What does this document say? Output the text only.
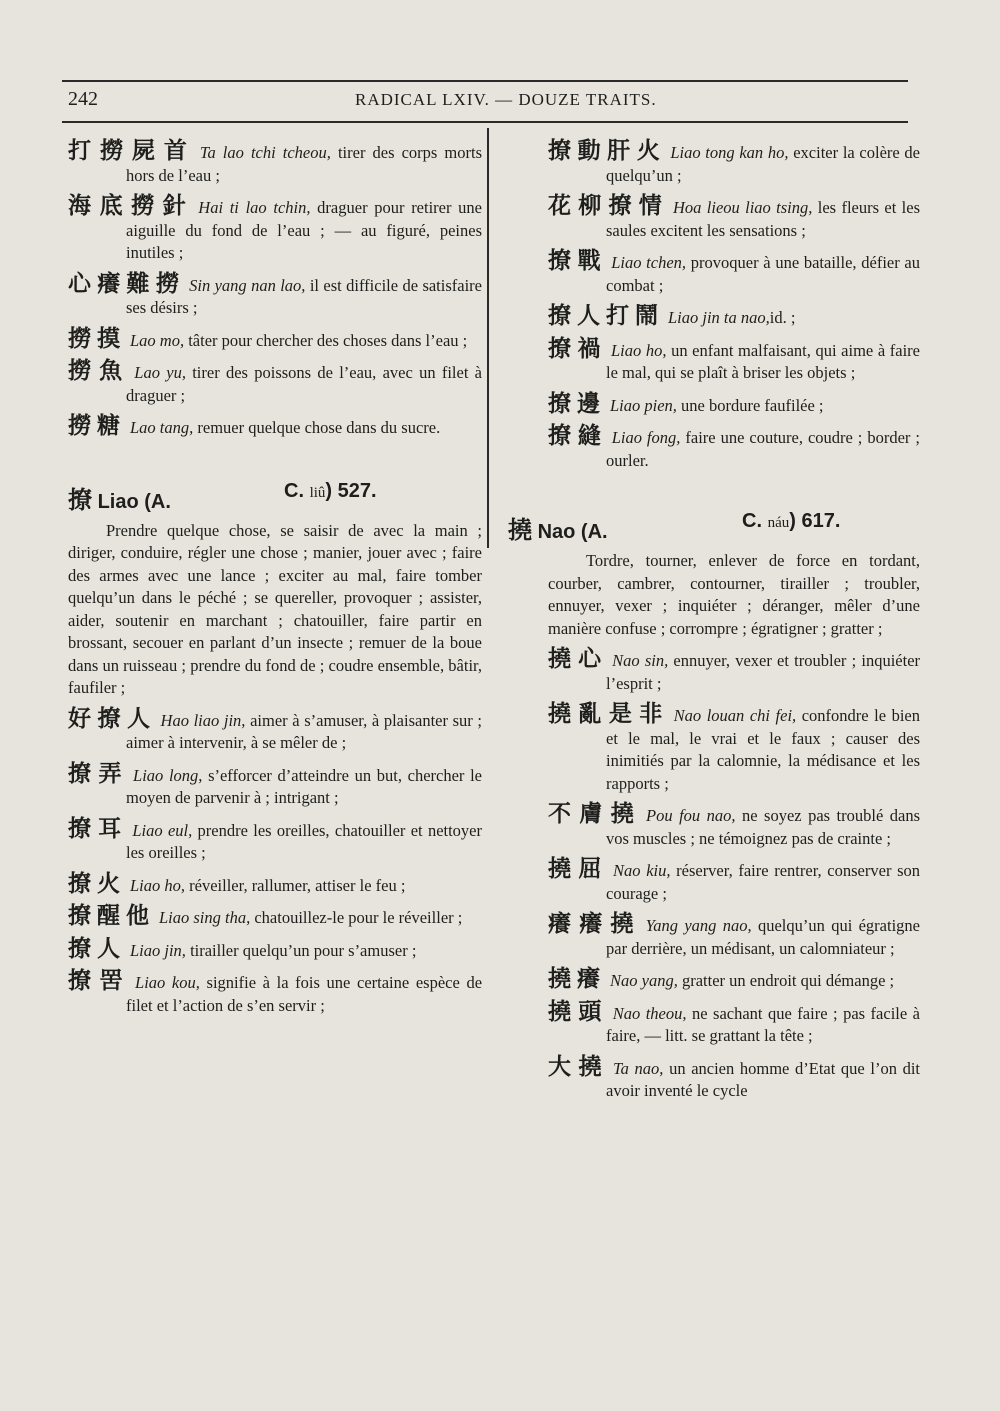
242	RADICAL LXIV. — DOUZE TRAITS.

打撈屍首 Ta lao tchi tcheou, tirer des corps morts hors de l’eau ;

海底撈針 Hai ti lao tchin, draguer pour retirer une aiguille du fond de l’eau ; — au figuré, peines inutiles ;

心癢難撈 Sin yang nan lao, il est difficile de satisfaire ses désirs ;

撈摸 Lao mo, tâter pour chercher des choses dans l’eau ;

撈魚 Lao yu, tirer des poissons de l’eau, avec un filet à draguer ;

撈糖 Lao tang, remuer quelque chose dans du sucre.

撩 Liao (A.	C. liû) 527.

Prendre quelque chose, se saisir de avec la main ; diriger, conduire, régler une chose ; manier, jouer avec ; faire des armes avec une lance ; exciter au mal, faire tomber quelqu’un dans le péché ; se quereller, provoquer ; assister, aider, soutenir en marchant ; chatouiller, faire partir en brossant, secouer en parlant d’un insecte ; remuer de la boue dans un ruisseau ; prendre du fond de ; coudre ensemble, bâtir, faufiler ;

好撩人 Hao liao jin, aimer à s’amuser, à plaisanter sur ; aimer à intervenir, à se mêler de ;

撩弄 Liao long, s’efforcer d’atteindre un but, chercher le moyen de parvenir à ; intrigant ;

撩耳 Liao eul, prendre les oreilles, chatouiller et nettoyer les oreilles ;

撩火 Liao ho, réveiller, rallumer, attiser le feu ;

撩醒他 Liao sing tha, chatouillez-le pour le réveiller ;

撩人 Liao jin, tirailler quelqu’un pour s’amuser ;

撩罟 Liao kou, signifie à la fois une certaine espèce de filet et l’action de s’en servir ;

撩動肝火 Liao tong kan ho, exciter la colère de quelqu’un ;

花柳撩情 Hoa lieou liao tsing, les fleurs et les saules excitent les sensations ;

撩戰 Liao tchen, provoquer à une bataille, défier au combat ;

撩人打鬧 Liao jin ta nao,id. ;

撩禍 Liao ho, un enfant malfaisant, qui aime à faire le mal, qui se plaît à briser les objets ;

撩邊 Liao pien, une bordure faufilée ;

撩縫 Liao fong, faire une couture, coudre ; border ; ourler.

撓 Nao (A.	C. náu) 617.

Tordre, tourner, enlever de force en tordant, courber, cambrer, contourner, tirailler ; troubler, ennuyer, vexer ; inquiéter ; déranger, mêler d’une manière confuse ; corrompre ; égratigner ; gratter ;

撓心 Nao sin, ennuyer, vexer et troubler ; inquiéter l’esprit ;

撓亂是非 Nao louan chi fei, confondre le bien et le mal, le vrai et le faux ; causer des inimitiés par la calomnie, la médisance et les rapports ;

不膚撓 Pou fou nao, ne soyez pas troublé dans vos muscles ; ne témoignez pas de crainte ;

撓屈 Nao kiu, réserver, faire rentrer, conserver son courage ;

癢癢撓 Yang yang nao, quelqu’un qui égratigne par derrière, un médisant, un calomniateur ;

撓癢 Nao yang, gratter un endroit qui démange ;

撓頭 Nao theou, ne sachant que faire ; pas facile à faire, — litt. se grattant la tête ;

大撓 Ta nao, un ancien homme d’Etat que l’on dit avoir inventé le cycle
